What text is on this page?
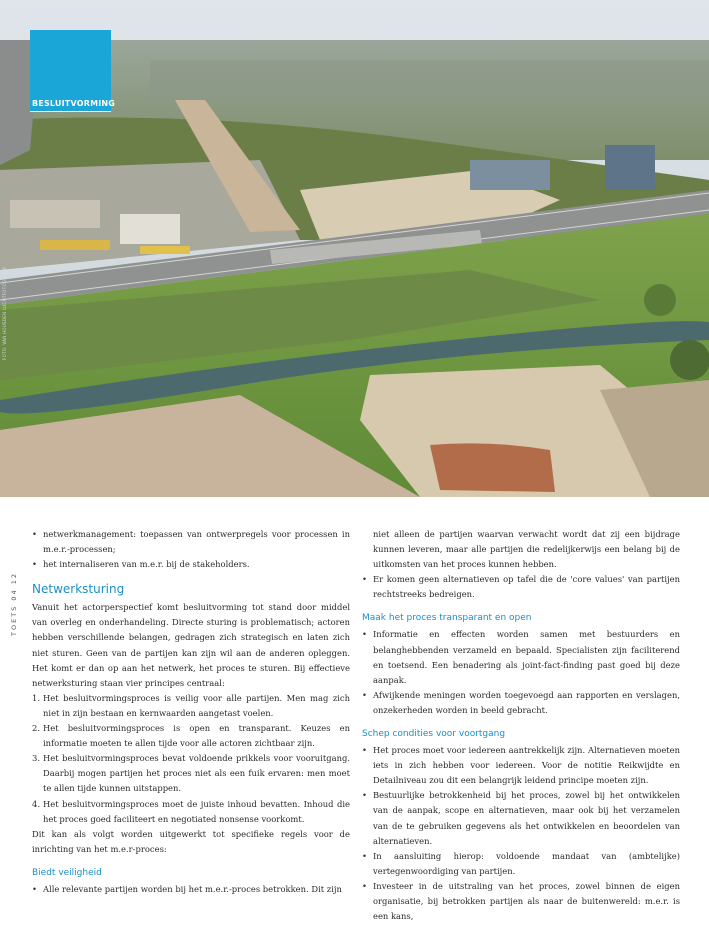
BESLUITVORMING
FOTO: VAN HOUSDEN LUCHTFOTOGRAFIE
TOETS 04 12
• netwerkmanagement: toepassen van ontwerpregels voor processen in m.e.r.-processen;
• het internaliseren van m.e.r. bij de stakeholders.
Netwerksturing

Vanuit het actorperspectief komt besluitvorming tot stand door middel van overleg en onderhandeling. Directe sturing is problematisch; actoren hebben verschillende belangen, gedragen zich strategisch en laten zich niet sturen. Geen van de partijen kan zijn wil aan de anderen opleggen. Het komt er dan op aan het netwerk, het proces te sturen. Bij effectieve netwerksturing staan vier principes centraal:

1. Het besluitvormingsproces is veilig voor alle partijen. Men mag zich niet in zijn bestaan en kernwaarden aangetast voelen.
2. Het besluitvormingsproces is open en transparant. Keuzes en informatie moeten te allen tijde voor alle actoren zichtbaar zijn.
3. Het besluitvormingsproces bevat voldoende prikkels voor vooruitgang. Daarbij mogen partijen het proces niet als een fuik ervaren: men moet te allen tijde kunnen uitstappen.
4. Het besluitvormingsproces moet de juiste inhoud bevatten. Inhoud die het proces goed faciliteert en negotiated nonsense voorkomt.

Dit kan als volgt worden uitgewerkt tot specifieke regels voor de inrichting van het m.e.r-proces:

Biedt veiligheid
• Alle relevante partijen worden bij het m.e.r.-proces betrokken. Dit zijn
niet alleen de partijen waarvan verwacht wordt dat zij een bijdrage kunnen leveren, maar alle partijen die redelijkerwijs een belang bij de uitkomsten van het proces kunnen hebben.
• Er komen geen alternatieven op tafel die de 'core values' van partijen rechtstreeks bedreigen.
Maak het proces transparant en open
• Informatie en effecten worden samen met bestuurders en belanghebbenden verzameld en bepaald. Specialisten zijn faciliterend en toetsend. Een benadering als joint-fact-finding past goed bij deze aanpak.
• Afwijkende meningen worden toegevoegd aan rapporten en verslagen, onzekerheden worden in beeld gebracht.
Schep condities voor voortgang
• Het proces moet voor iedereen aantrekkelijk zijn. Alternatieven moeten iets in zich hebben voor iedereen. Voor de notitie Reikwijdte en Detailniveau zou dit een belangrijk leidend principe moeten zijn.
• Bestuurlijke betrokkenheid bij het proces, zowel bij het ontwikkelen van de aanpak, scope en alternatieven, maar ook bij het verzamelen van de te gebruiken gegevens als het ontwikkelen en beoordelen van alternatieven.
• In aansluiting hierop: voldoende mandaat van (ambtelijke) vertegenwoordiging van partijen.
• Investeer in de uitstraling van het proces, zowel binnen de eigen organisatie, bij betrokken partijen als naar de buitenwereld: m.e.r. is een kans,
